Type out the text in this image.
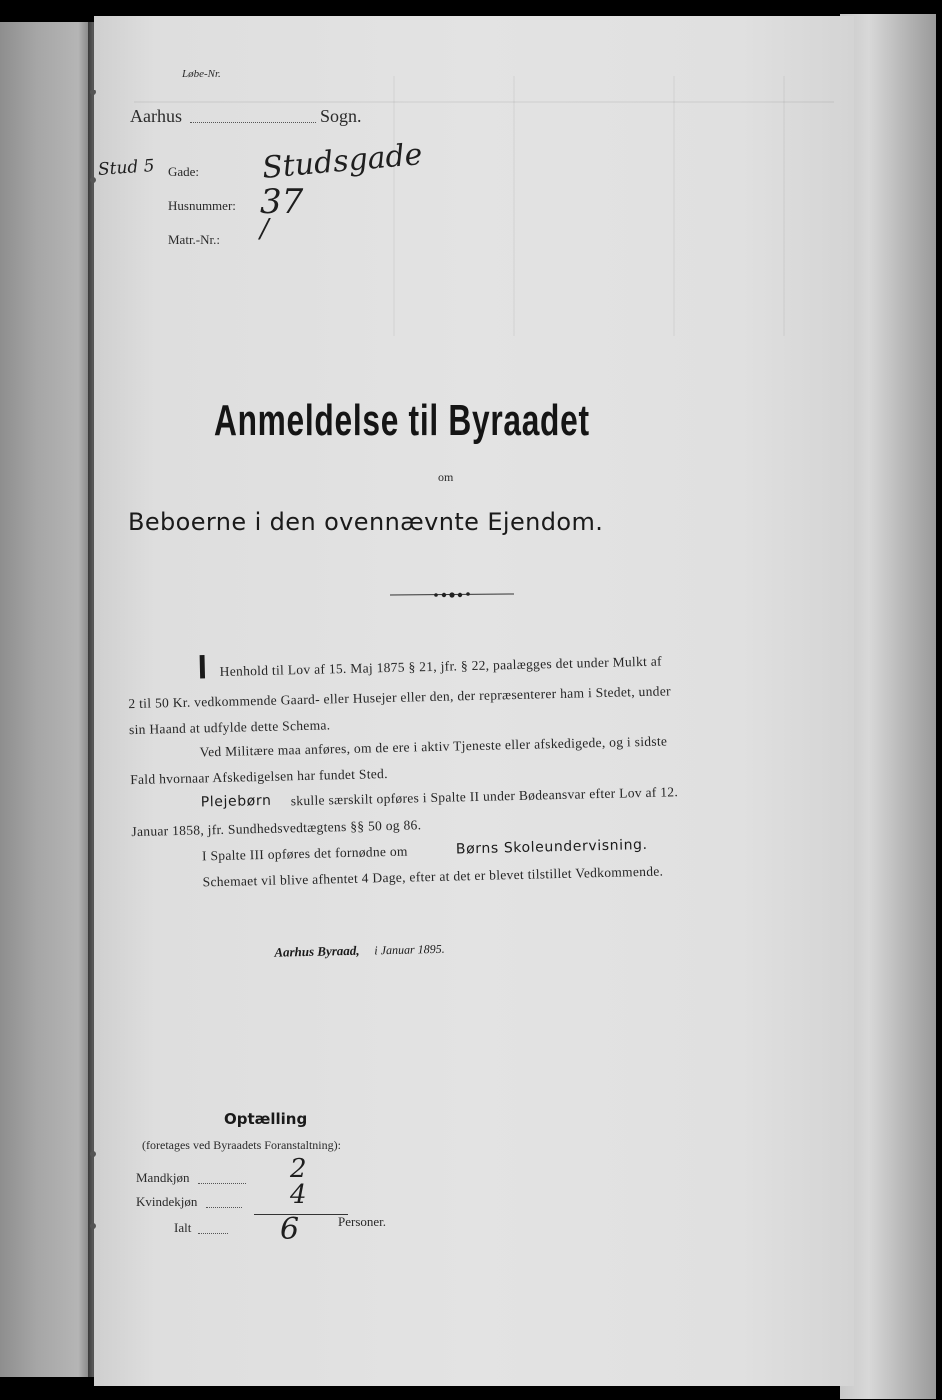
Løbe-Nr.
Aarhus	Sogn.
Stud 5 Gade: Studsgade
Husnummer: 37
Matr.-Nr.: /
Anmeldelse til Byraadet
om
Beboerne i den ovennævnte Ejendom.
I Henhold til Lov af 15. Maj 1875 § 21, jfr. § 22, paalægges det under Mulkt af
2 til 50 Kr. vedkommende Gaard- eller Husejer eller den, der repræsenterer ham i Stedet, under
sin Haand at udfylde dette Schema.
Ved Militære maa anføres, om de ere i aktiv Tjeneste eller afskedigede, og i sidste
Fald hvornaar Afskedigelsen har fundet Sted.
Plejebørn skulle særskilt opføres i Spalte II under Bødeansvar efter Lov af 12.
Januar 1858, jfr. Sundhedsvedtægtens §§ 50 og 86.
I Spalte III opføres det fornødne om	Børns Skoleundervisning.
Schemaet vil blive afhentet 4 Dage, efter at det er blevet tilstillet Vedkommende.
Aarhus Byraad, i Januar 1895.
Optælling
(foretages ved Byraadets Foranstaltning):
Mandkjøn	2
Kvindekjøn	4
Ialt	6	Personer.
